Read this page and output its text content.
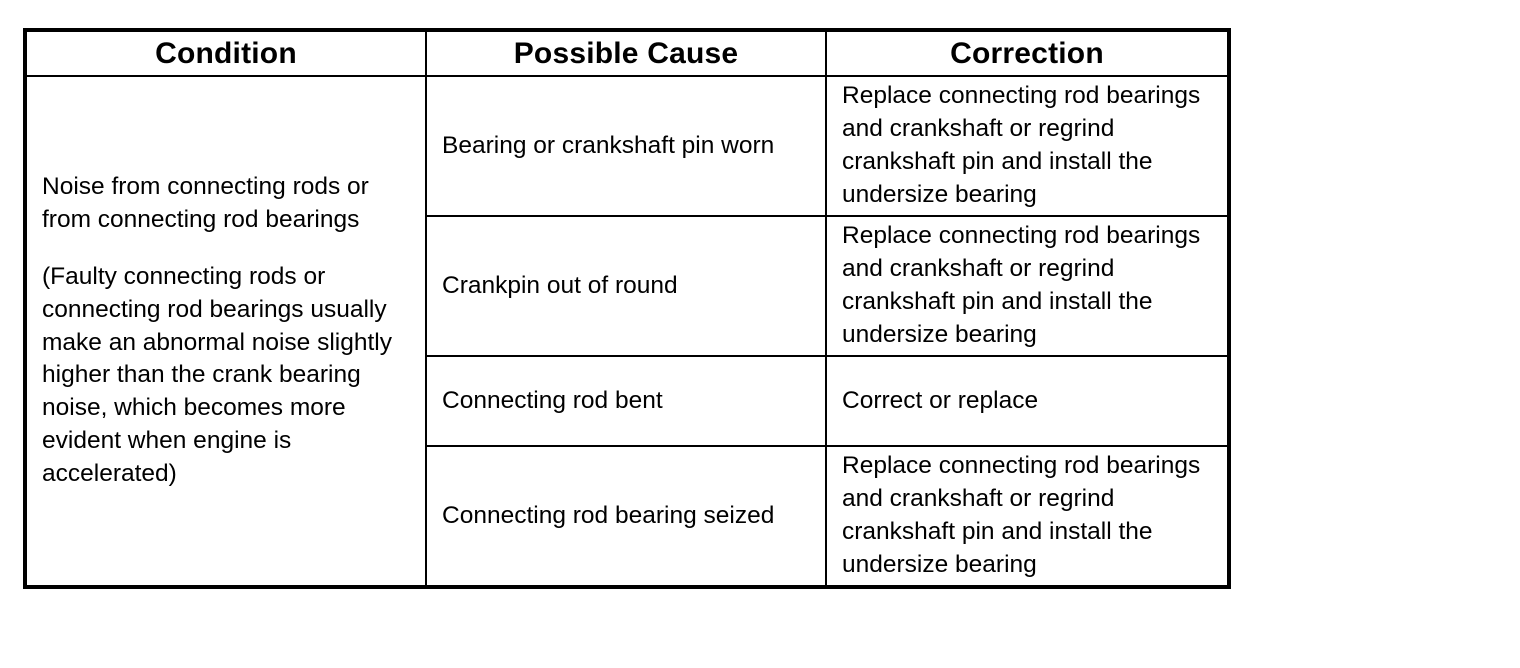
Condition	Possible Cause	Correction

Noise from connecting rods or from connecting rod bearings

(Faulty connecting rods or connecting rod bearings usually make an abnormal noise slightly higher than the crank bearing noise, which becomes more evident when engine is accelerated)	Bearing or crankshaft pin worn	Replace connecting rod bearings and crankshaft or regrind crankshaft pin and install the undersize bearing
	Crankpin out of round	Replace connecting rod bearings and crankshaft or regrind crankshaft pin and install the undersize bearing
	Connecting rod bent	Correct or replace
	Connecting rod bearing seized	Replace connecting rod bearings and crankshaft or regrind crankshaft pin and install the undersize bearing
